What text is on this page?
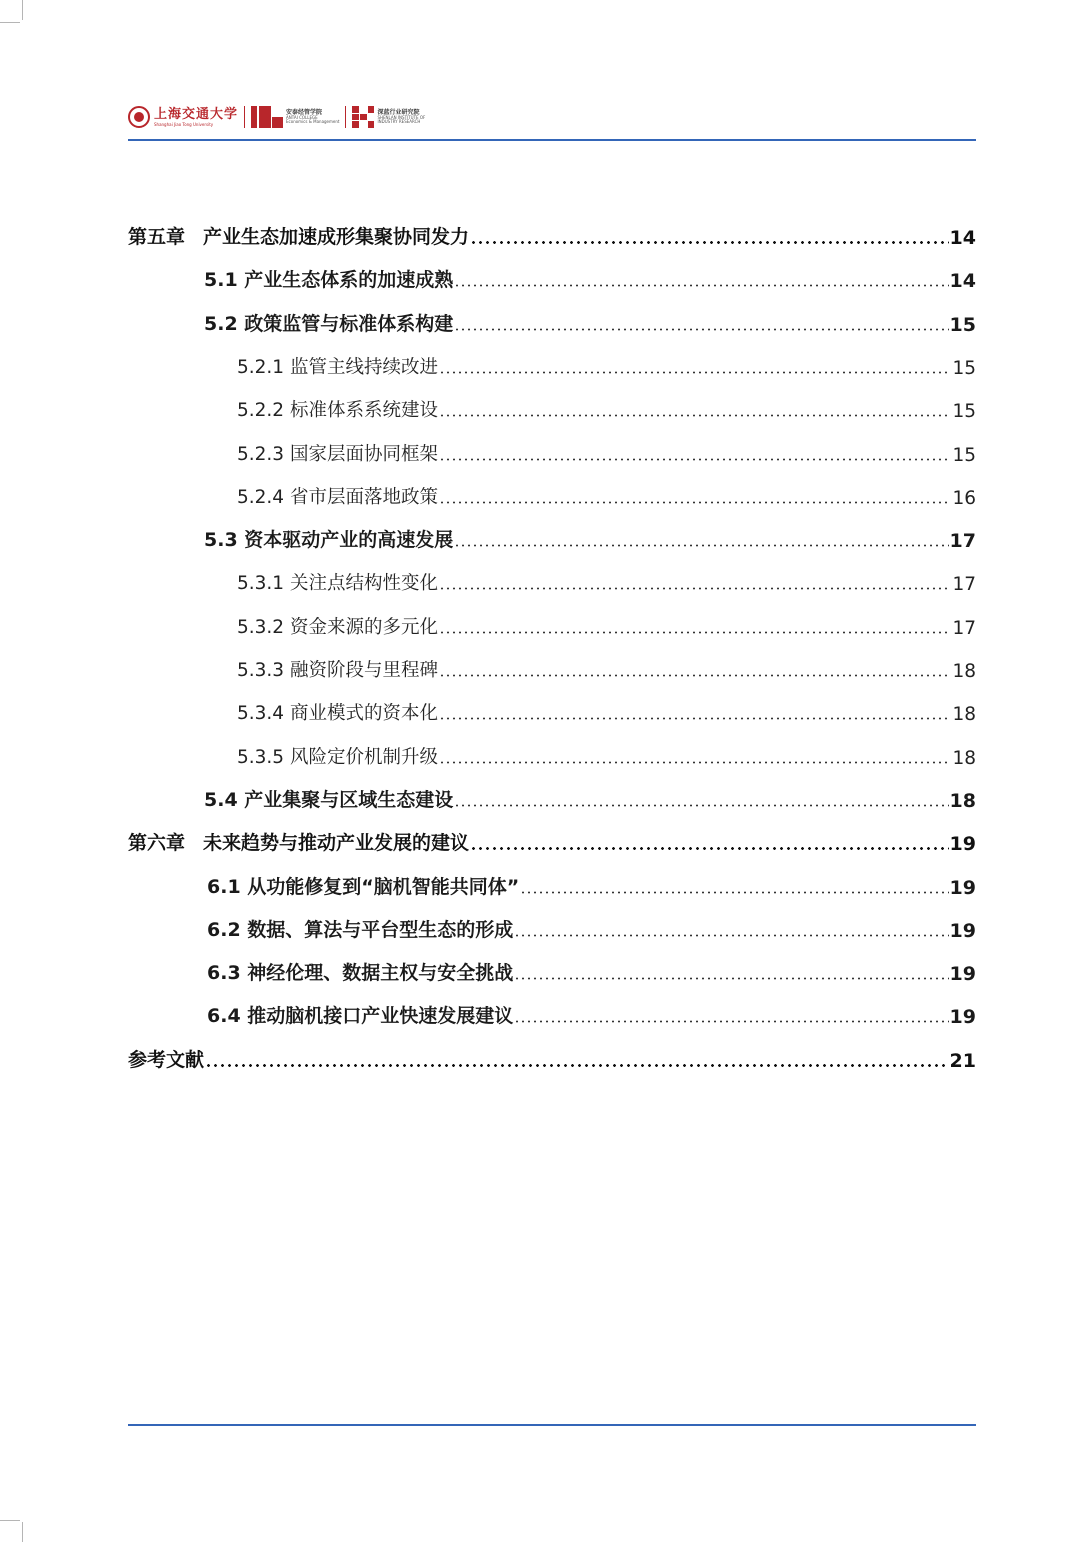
上海交通大学
Shanghai Jiao Tong University
安泰经管学院
ANTAI COLLEGE
Economics & Management
深蓝行业研究院
SHENLAN INSTITUTE OF
INDUSTRY RESEARCH
第五章 产业生态加速成形集聚协同发力	14
5.1 产业生态体系的加速成熟	14
5.2 政策监管与标准体系构建	15
5.2.1 监管主线持续改进	15
5.2.2 标准体系系统建设	15
5.2.3 国家层面协同框架	15
5.2.4 省市层面落地政策	16
5.3 资本驱动产业的高速发展	17
5.3.1 关注点结构性变化	17
5.3.2 资金来源的多元化	17
5.3.3 融资阶段与里程碑	18
5.3.4 商业模式的资本化	18
5.3.5 风险定价机制升级	18
5.4 产业集聚与区域生态建设	18
第六章 未来趋势与推动产业发展的建议	19
6.1 从功能修复到“脑机智能共同体”	19
6.2 数据、算法与平台型生态的形成	19
6.3 神经伦理、数据主权与安全挑战	19
6.4 推动脑机接口产业快速发展建议	19
参考文献	21
